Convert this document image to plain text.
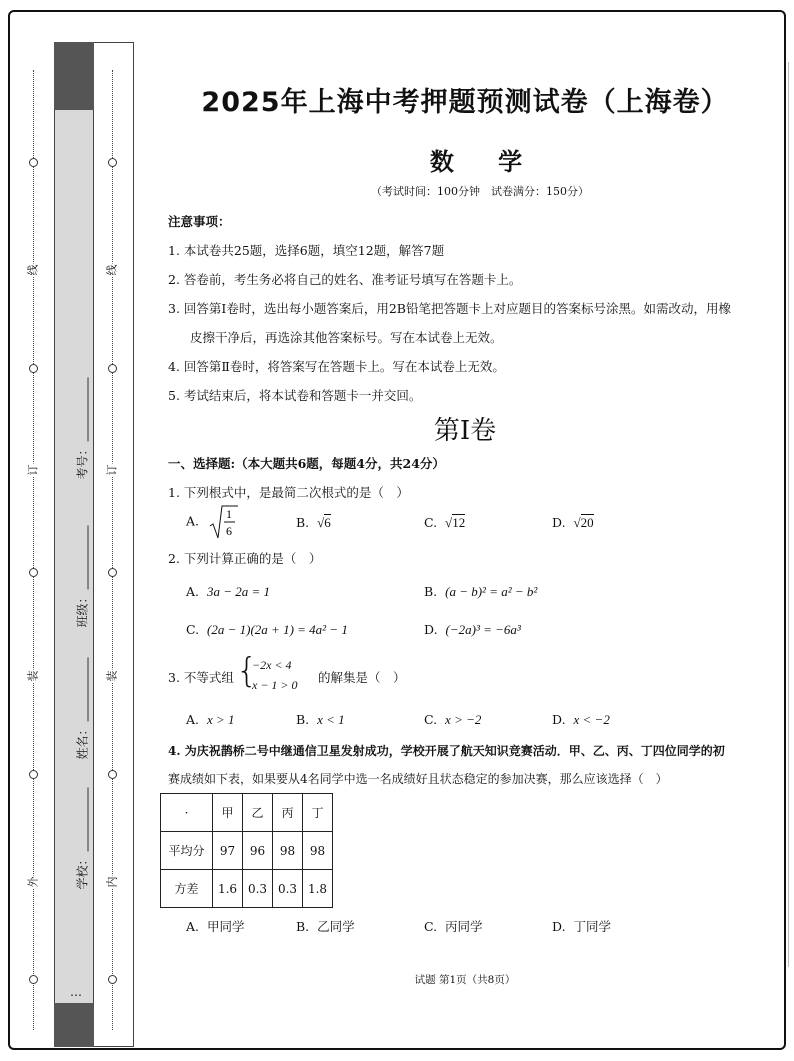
外
装
订
线
内
装
订
线
学校：
姓名：
班级：
考号：
…
2025年上海中考押题预测试卷（上海卷）
数 学
（考试时间：100分钟　试卷满分：150分）
注意事项：
1. 本试卷共25题，选择6题，填空12题，解答7题
2. 答卷前，考生务必将自己的姓名、准考证号填写在答题卡上。
3. 回答第Ⅰ卷时，选出每小题答案后，用2B铅笔把答题卡上对应题目的答案标号涂黑。如需改动，用橡
皮擦干净后，再选涂其他答案标号。写在本试卷上无效。
4. 回答第Ⅱ卷时，将答案写在答题卡上。写在本试卷上无效。
5. 考试结束后，将本试卷和答题卡一并交回。
第Ⅰ卷
一、选择题:（本大题共6题，每题4分，共24分）
1. 下列根式中，是最简二次根式的是（　）
A. 1
6
B. √6	C. √12	D. √20
2. 下列计算正确的是（　）
A. 3a − 2a = 1	B. (a − b)² = a² − b²
C. (2a − 1)(2a + 1) = 4a² − 1	D. (−2a)³ = −6a³
3. 不等式组 {
−2x < 4
x − 1 > 0 的解集是（　）
A. x > 1	B. x < 1	C. x > −2	D. x < −2
4. 为庆祝鹊桥二号中继通信卫星发射成功，学校开展了航天知识竞赛活动．甲、乙、丙、丁四位同学的初
赛成绩如下表，如果要从4名同学中选一名成绩好且状态稳定的参加决赛，那么应该选择（　）
·	甲	乙	丙	丁
平均分	97	96	98	98
方差	1.6	0.3	0.3	1.8
A. 甲同学	B. 乙同学	C. 丙同学	D. 丁同学
试题 第1页（共8页）
